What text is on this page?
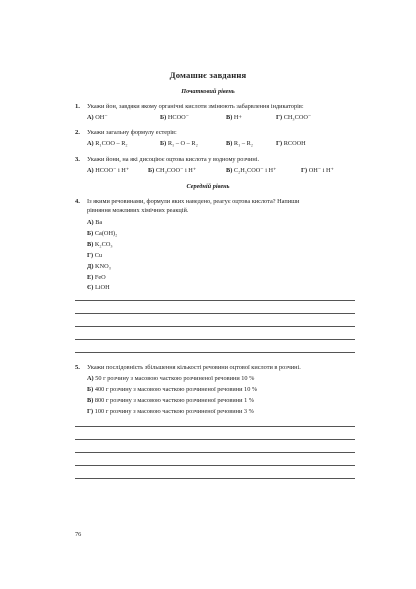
Домашнє завдання
Початковий рівень
1. Укажи йон, завдяки якому органічні кислоти змінюють забарвлення індикаторів:
А) OH⁻	Б) HCOO⁻	В) H+	Г) CH₃COO⁻
2. Укажи загальну формулу естерів:
А) R₁COO – R₂	Б) R₁ – O – R₂	В) R₁ – R₂	Г) RCOOH
3. Укажи йони, на які дисоціює оцтова кислота у водному розчині.
А) HCOO⁻ і H⁺	Б) CH₃COO⁻ і H⁺	В) C₂H₅COO⁻ і H⁺	Г) OH⁻ і H⁺
Середній рівень
4. Із якими речовинами, формули яких наведено, реагує оцтова кислота? Напиши
рівняння можливих хімічних реакцій.
А) Ba
Б) Ca(OH)₂
В) K₂CO₃
Г) Cu
Д) KNO₃
Е) FeO
Є) LiOH
5. Укажи послідовність збільшення кількості речовини оцтової кислоти в розчині.
А) 50 г розчину з масовою часткою розчиненої речовини 10 %
Б) 400 г розчину з масовою часткою розчиненої речовини 10 %
В) 800 г розчину з масовою часткою розчиненої речовини 1 %
Г) 100 г розчину з масовою часткою розчиненої речовини 3 %
76
